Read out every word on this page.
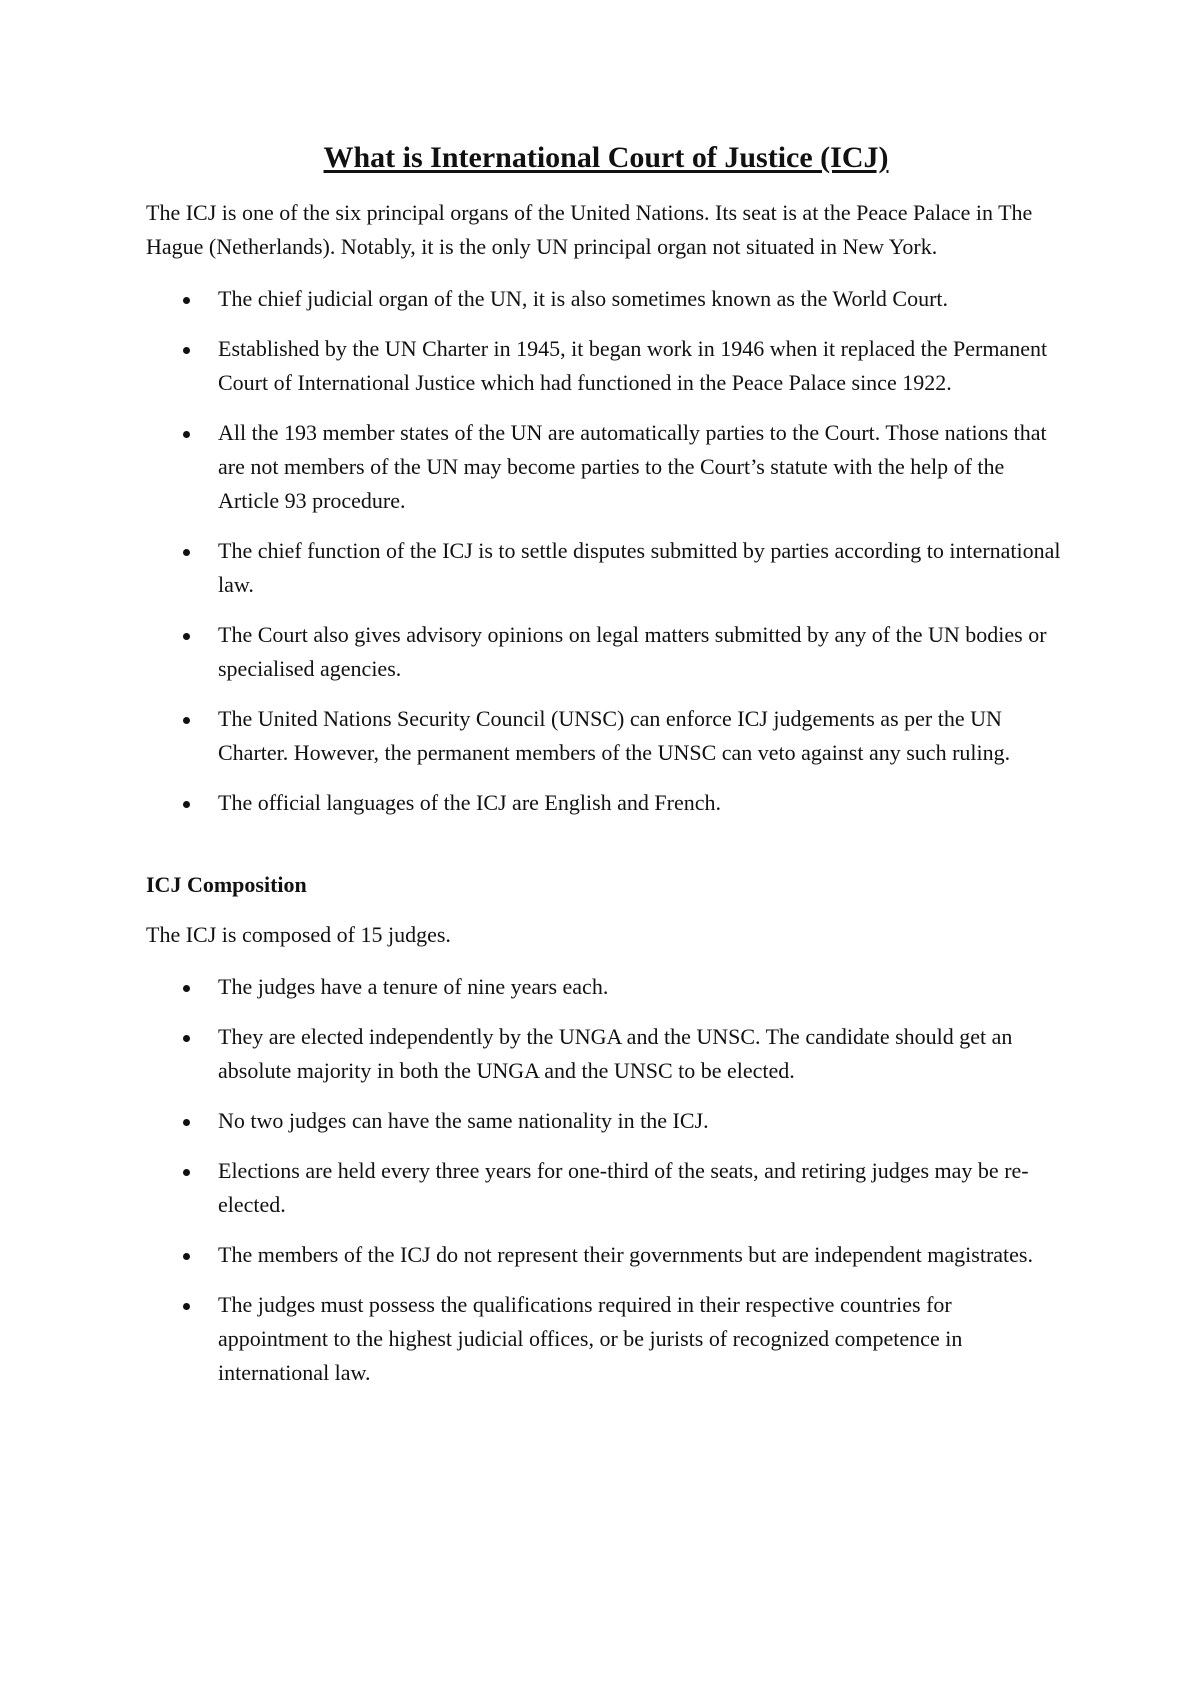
What is International Court of Justice (ICJ)

The ICJ is one of the six principal organs of the United Nations. Its seat is at the Peace Palace in The Hague (Netherlands). Notably, it is the only UN principal organ not situated in New York.

The chief judicial organ of the UN, it is also sometimes known as the World Court.
Established by the UN Charter in 1945, it began work in 1946 when it replaced the Permanent Court of International Justice which had functioned in the Peace Palace since 1922.
All the 193 member states of the UN are automatically parties to the Court. Those nations that are not members of the UN may become parties to the Court’s statute with the help of the Article 93 procedure.
The chief function of the ICJ is to settle disputes submitted by parties according to international law.
The Court also gives advisory opinions on legal matters submitted by any of the UN bodies or specialised agencies.
The United Nations Security Council (UNSC) can enforce ICJ judgements as per the UN Charter. However, the permanent members of the UNSC can veto against any such ruling.
The official languages of the ICJ are English and French.
ICJ Composition

The ICJ is composed of 15 judges.

The judges have a tenure of nine years each.
They are elected independently by the UNGA and the UNSC. The candidate should get an absolute majority in both the UNGA and the UNSC to be elected.
No two judges can have the same nationality in the ICJ.
Elections are held every three years for one-third of the seats, and retiring judges may be re-elected.
The members of the ICJ do not represent their governments but are independent magistrates.
The judges must possess the qualifications required in their respective countries for appointment to the highest judicial offices, or be jurists of recognized competence in international law.
